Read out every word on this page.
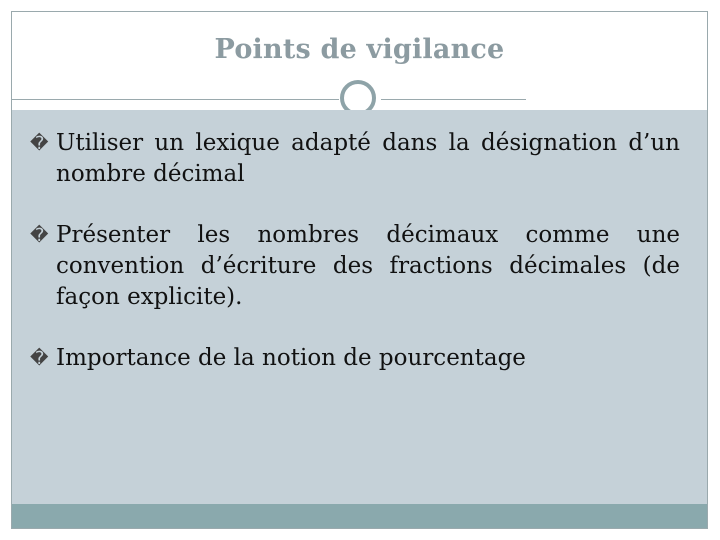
Points de vigilance
� Utiliser un lexique adapté dans la désignation d’un nombre décimal
� Présenter les nombres décimaux comme une convention d’écriture des fractions décimales (de façon explicite).
� Importance de la notion de pourcentage
